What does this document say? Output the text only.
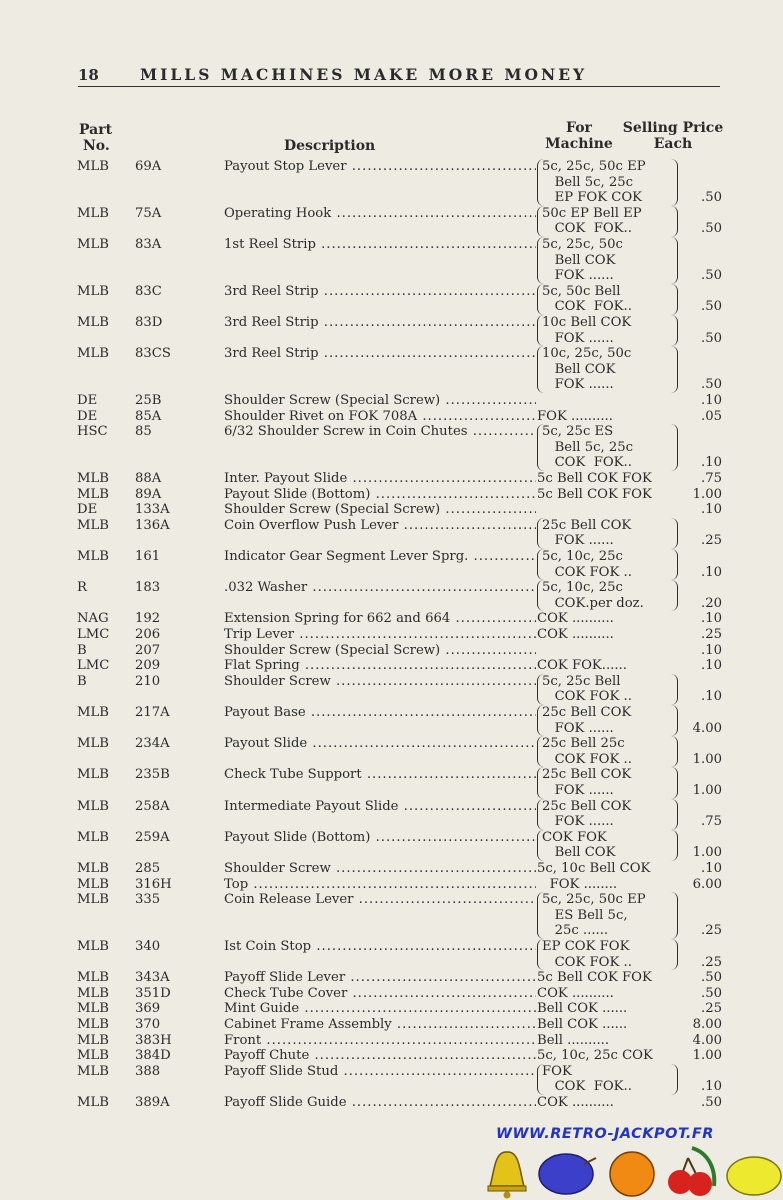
18	MILLS MACHINES MAKE MORE MONEY
Part
No.	Description
For
Machine
Selling Price
Each
MLB	69A	Payout Stop Lever .....	5c, 25c, 50c EP
Bell 5c, 25c
EP FOK COK	.50
MLB	75A	Operating Hook .....	50c EP Bell EP
COK  FOK..	.50
MLB	83A	1st Reel Strip .....	5c, 25c, 50c
Bell COK
FOK ......	.50
MLB	83C	3rd Reel Strip .....	5c, 50c Bell
COK  FOK..	.50
MLB	83D	3rd Reel Strip .....	10c Bell COK
FOK ......	.50
MLB	83CS	3rd Reel Strip .....	10c, 25c, 50c
Bell COK
FOK ......	.50
DE	25B	Shoulder Screw (Special Screw) .....	.10
DE	85A	Shoulder Rivet on FOK 708A .....	FOK ..........	.05
HSC	85	6/32 Shoulder Screw in Coin Chutes .....	5c, 25c ES
Bell 5c, 25c
COK  FOK..	.10
MLB	88A	Inter. Payout Slide .....	5c Bell COK FOK	.75
MLB	89A	Payout Slide (Bottom) .....	5c Bell COK FOK	1.00
DE	133A	Shoulder Screw (Special Screw) .....	.10
MLB	136A	Coin Overflow Push Lever .....	25c Bell COK
FOK ......	.25
MLB	161	Indicator Gear Segment Lever Sprg. .....	5c, 10c, 25c
COK FOK ..	.10
R	183	.032 Washer .....	5c, 10c, 25c
COK.per doz.	.20
NAG	192	Extension Spring for 662 and 664 .....	COK ..........	.10
LMC	206	Trip Lever .....	COK ..........	.25
B	207	Shoulder Screw (Special Screw) .....	.10
LMC	209	Flat Spring .....	COK FOK......	.10
B	210	Shoulder Screw .....	5c, 25c Bell
COK FOK ..	.10
MLB	217A	Payout Base .....	25c Bell COK
FOK ......	4.00
MLB	234A	Payout Slide .....	25c Bell 25c
COK FOK ..	1.00
MLB	235B	Check Tube Support .....	25c Bell COK
FOK ......	1.00
MLB	258A	Intermediate Payout Slide .....	25c Bell COK
FOK ......	.75
MLB	259A	Payout Slide (Bottom) .....	COK FOK
Bell COK	1.00
MLB	285	Shoulder Screw .....	5c, 10c Bell COK	.10
MLB	316H	Top .....	FOK ........	6.00
MLB	335	Coin Release Lever .....	5c, 25c, 50c EP
ES Bell 5c,
25c ......	.25
MLB	340	Ist Coin Stop .....	EP COK FOK
COK FOK ..	.25
MLB	343A	Payoff Slide Lever .....	5c Bell COK FOK	.50
MLB	351D	Check Tube Cover .....	COK ..........	.50
MLB	369	Mint Guide .....	Bell COK ......	.25
MLB	370	Cabinet Frame Assembly .....	Bell COK ......	8.00
MLB	383H	Front .....	Bell ..........	4.00
MLB	384D	Payoff Chute .....	5c, 10c, 25c COK	1.00
MLB	388	Payoff Slide Stud .....	FOK
COK  FOK..	.10
MLB	389A	Payoff Slide Guide .....	COK ..........	.50
WWW.RETRO-JACKPOT.FR
